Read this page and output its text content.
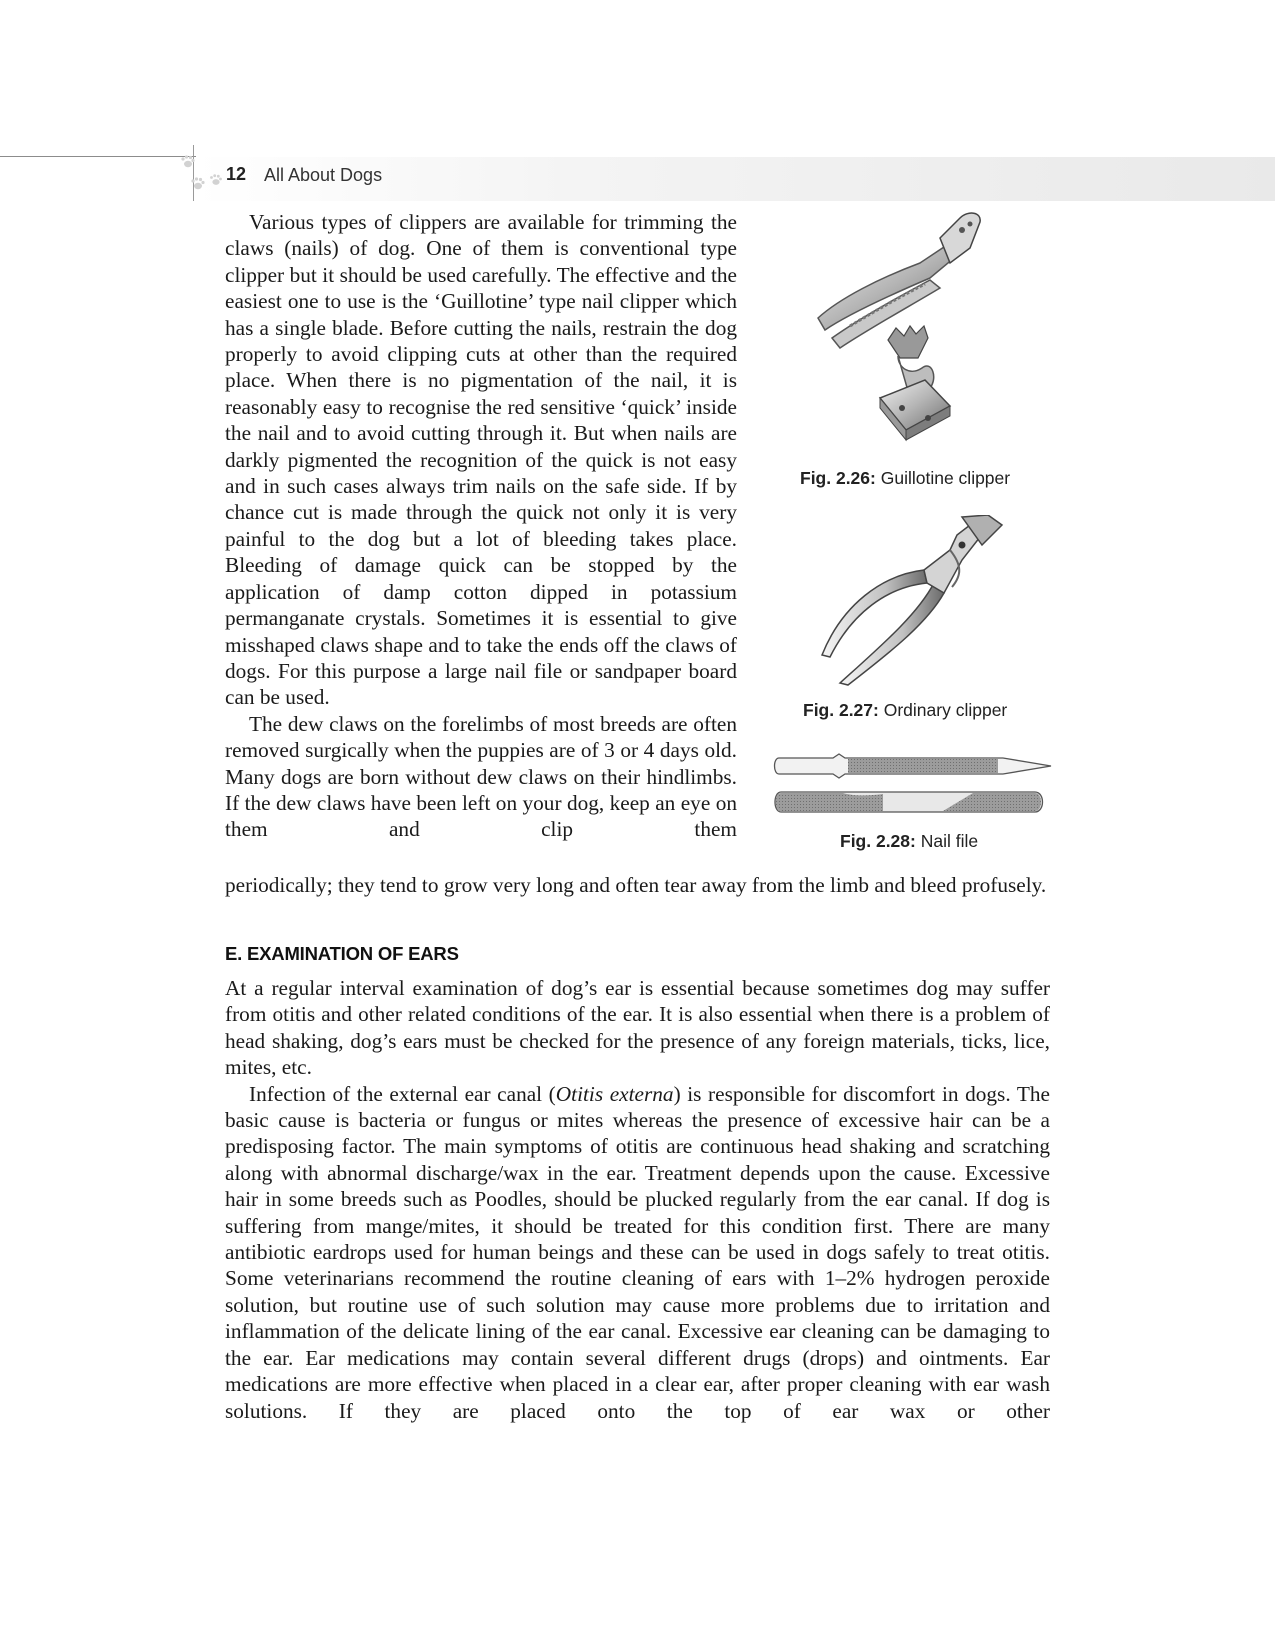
12 All About Dogs

Various types of clippers are available for trimming the claws (nails) of dog. One of them is conventional type clipper but it should be used carefully. The effective and the easiest one to use is the ‘Guillotine’ type nail clipper which has a single blade. Before cutting the nails, restrain the dog properly to avoid clipping cuts at other than the required place. When there is no pigmentation of the nail, it is reasonably easy to recognise the red sensitive ‘quick’ inside the nail and to avoid cutting through it. But when nails are darkly pigmented the recognition of the quick is not easy and in such cases always trim nails on the safe side. If by chance cut is made through the quick not only it is very painful to the dog but a lot of bleeding takes place. Bleeding of damage quick can be stopped by the application of damp cotton dipped in potassium permanganate crystals. Sometimes it is essential to give misshaped claws shape and to take the ends off the claws of dogs. For this purpose a large nail file or sandpaper board can be used.

The dew claws on the forelimbs of most breeds are often removed surgically when the puppies are of 3 or 4 days old. Many dogs are born without dew claws on their hindlimbs. If the dew claws have been left on your dog, keep an eye on them and clip them

periodically; they tend to grow very long and often tear away from the limb and bleed profusely.

Fig. 2.26: Guillotine clipper
Fig. 2.27: Ordinary clipper
Fig. 2.28: Nail file
E. EXAMINATION OF EARS

At a regular interval examination of dog’s ear is essential because sometimes dog may suffer from otitis and other related conditions of the ear. It is also essential when there is a problem of head shaking, dog’s ears must be checked for the presence of any foreign materials, ticks, lice, mites, etc.

Infection of the external ear canal (Otitis externa) is responsible for discomfort in dogs. The basic cause is bacteria or fungus or mites whereas the presence of excessive hair can be a predisposing factor. The main symptoms of otitis are continuous head shaking and scratching along with abnormal discharge/wax in the ear. Treatment depends upon the cause. Excessive hair in some breeds such as Poodles, should be plucked regularly from the ear canal. If dog is suffering from mange/mites, it should be treated for this condition first. There are many antibiotic eardrops used for human beings and these can be used in dogs safely to treat otitis. Some veterinarians recommend the routine cleaning of ears with 1–2% hydrogen peroxide solution, but routine use of such solution may cause more problems due to irritation and inflammation of the delicate lining of the ear canal. Excessive ear cleaning can be damaging to the ear. Ear medications may contain several different drugs (drops) and ointments. Ear medications are more effective when placed in a clear ear, after proper cleaning with ear wash solutions. If they are placed onto the top of ear wax or other
